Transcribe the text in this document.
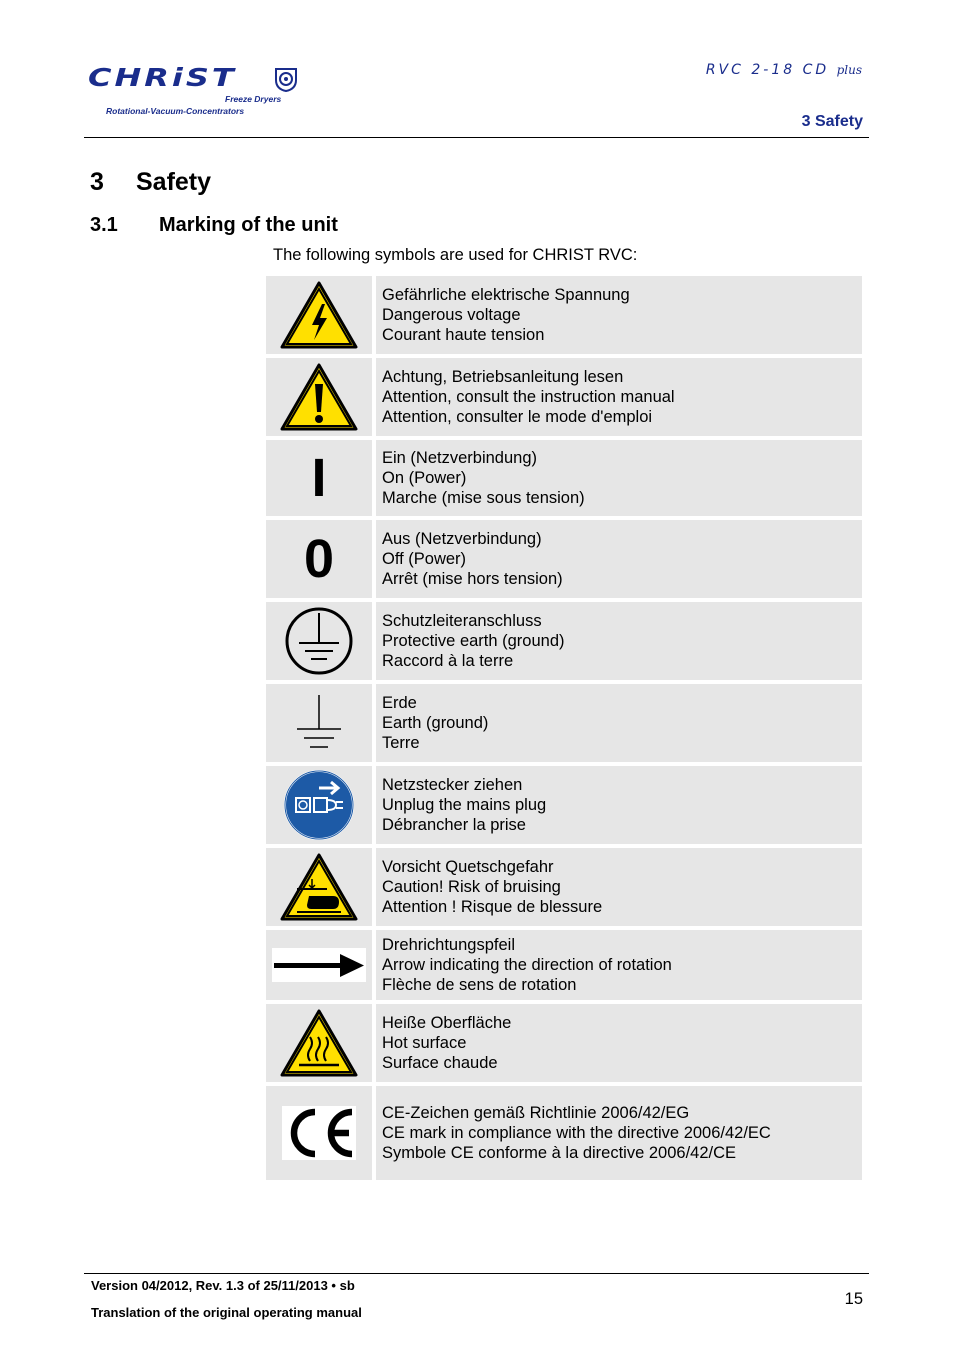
CHRiST
Freeze Dryers
Rotational-Vacuum-Concentrators
RVC 2-18 CD plus
3 Safety
3 Safety
3.1 Marking of the unit
The following symbols are used for CHRIST RVC:
Gefährliche elektrische Spannung
Dangerous voltage
Courant haute tension
Achtung, Betriebsanleitung lesen
Attention, consult the instruction manual
Attention, consulter le mode d'emploi
I	Ein (Netzverbindung)
On (Power)
Marche (mise sous tension)
0	Aus (Netzverbindung)
Off (Power)
Arrêt (mise hors tension)
Schutzleiteranschluss
Protective earth (ground)
Raccord à la terre
Erde
Earth (ground)
Terre
Netzstecker ziehen
Unplug the mains plug
Débrancher la prise
Vorsicht Quetschgefahr
Caution! Risk of bruising
Attention ! Risque de blessure
Drehrichtungspfeil
Arrow indicating the direction of rotation
Flèche de sens de rotation
Heiße Oberfläche
Hot surface
Surface chaude
CE-Zeichen gemäß Richtlinie 2006/42/EG
CE mark in compliance with the directive 2006/42/EC
Symbole CE conforme à la directive 2006/42/CE
Version 04/2012, Rev. 1.3 of 25/11/2013 • sb
Translation of the original operating manual
15
